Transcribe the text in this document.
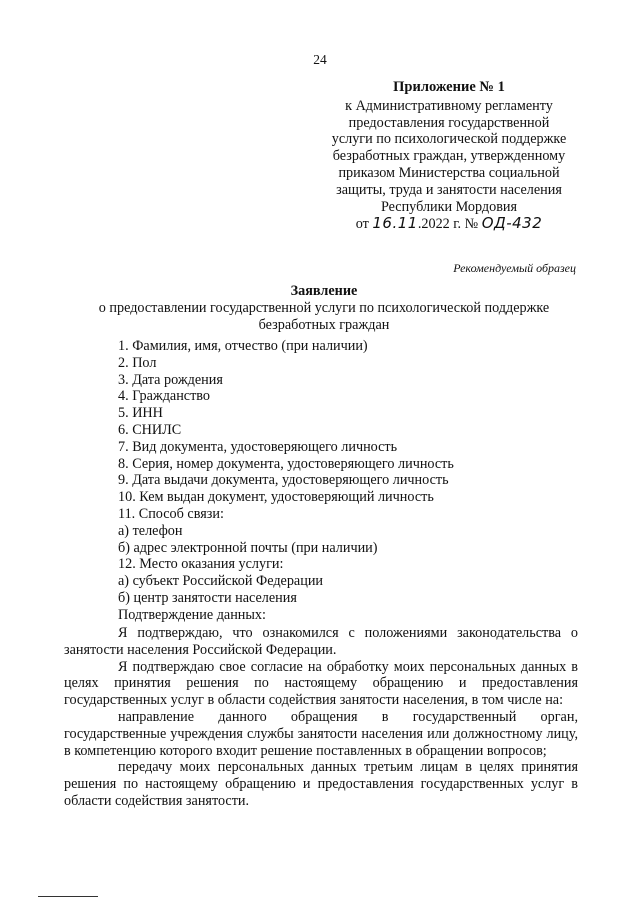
24
Приложение № 1
к Административному регламенту
предоставления государственной
услуги по психологической поддержке
безработных граждан, утвержденному
приказом Министерства социальной
защиты, труда и занятости населения
Республики Мордовия
от 16.11.2022 г. № ОД-432
Рекомендуемый образец
Заявление
о предоставлении государственной услуги по психологической поддержке
безработных граждан
1. Фамилия, имя, отчество (при наличии)
2. Пол
3. Дата рождения
4. Гражданство
5. ИНН
6. СНИЛС
7. Вид документа, удостоверяющего личность
8. Серия, номер документа, удостоверяющего личность
9. Дата выдачи документа, удостоверяющего личность
10. Кем выдан документ, удостоверяющий личность
11. Способ связи:
а) телефон
б) адрес электронной почты (при наличии)
12. Место оказания услуги:
а) субъект Российской Федерации
б) центр занятости населения
Подтверждение данных:

Я подтверждаю, что ознакомился с положениями законодательства о занятости населения Российской Федерации.

Я подтверждаю свое согласие на обработку моих персональных данных в целях принятия решения по настоящему обращению и предоставления государственных услуг в области содействия занятости населения, в том числе на:

направление данного обращения в государственный орган, государственные учреждения службы занятости населения или должностному лицу, в компетенцию которого входит решение поставленных в обращении вопросов;

передачу моих персональных данных третьим лицам в целях принятия решения по настоящему обращению и предоставления государственных услуг в области содействия занятости.
